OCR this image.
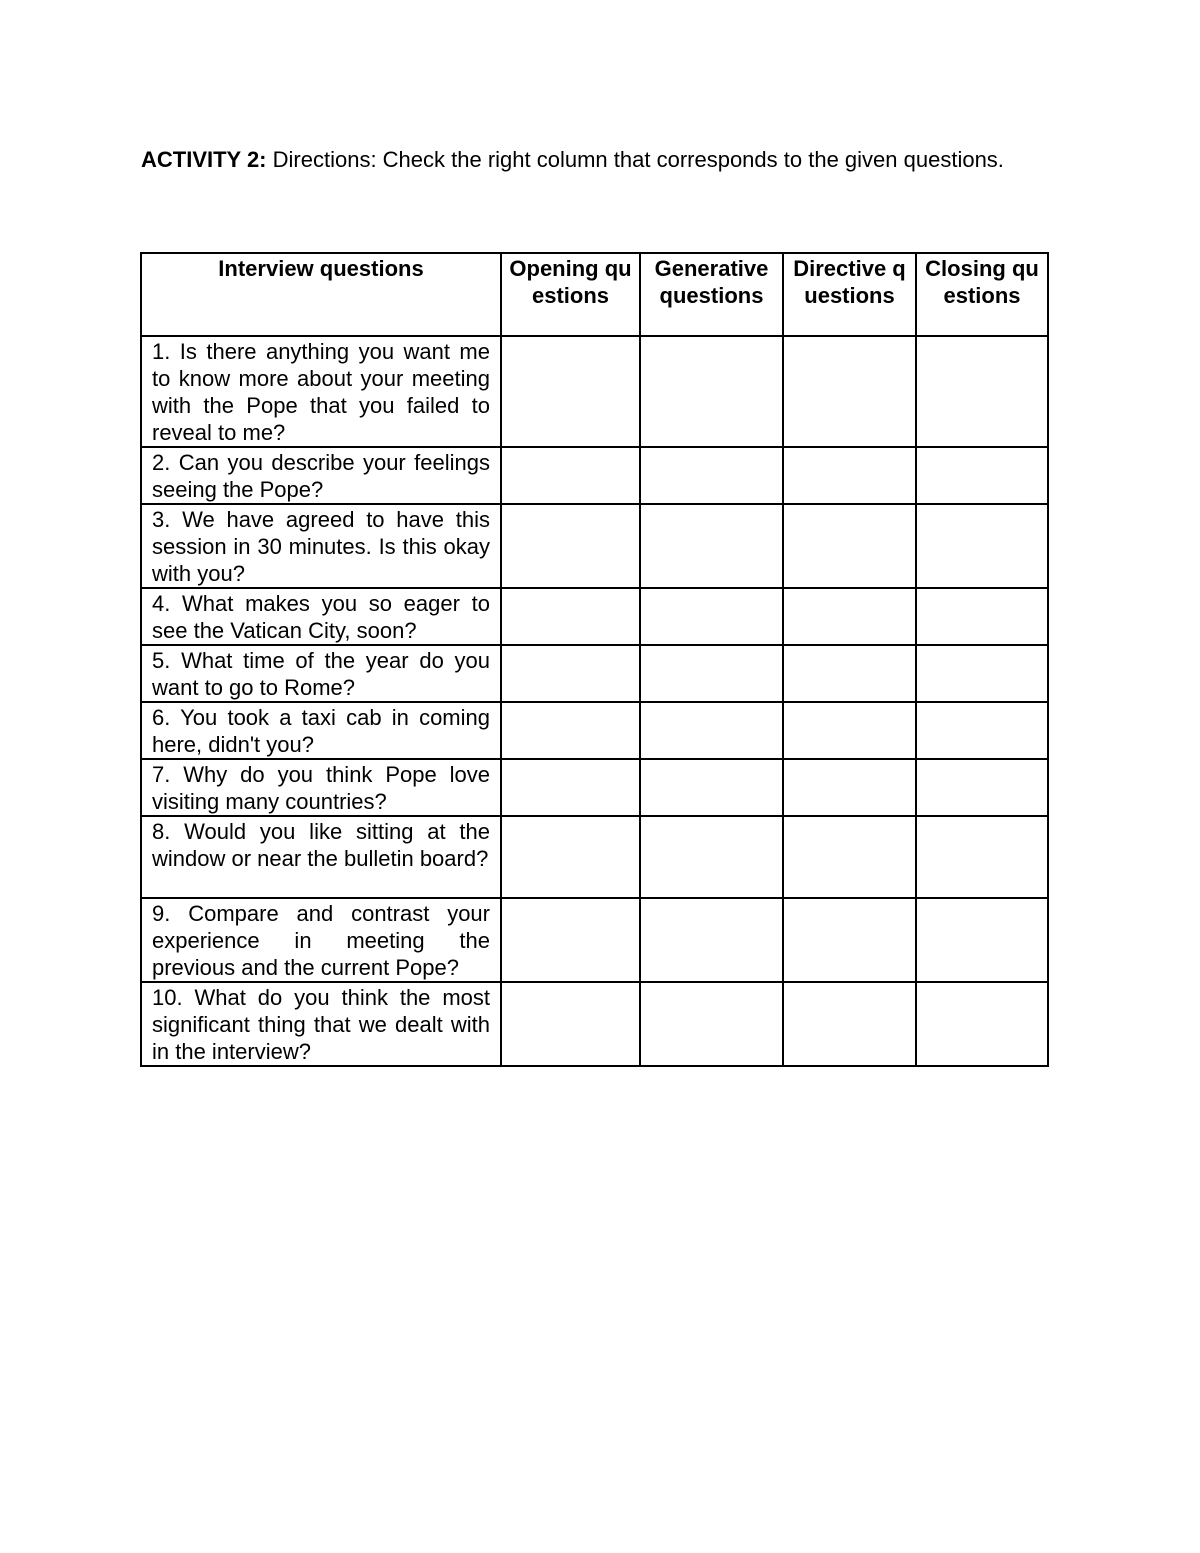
ACTIVITY 2: Directions: Check the right column that corresponds to the given questions.
Interview questions	Opening questions	Generative questions	Directive questions	Closing questions
1. Is there anything you want me to know more about your meeting with the Pope that you failed to reveal to me?				
2. Can you describe your feelings seeing the Pope?				
3. We have agreed to have this session in 30 minutes. Is this okay with you?				
4. What makes you so eager to see the Vatican City, soon?				
5. What time of the year do you want to go to Rome?				
6. You took a taxi cab in coming here, didn't you?				
7. Why do you think Pope love visiting many countries?				
8. Would you like sitting at the window or near the bulletin board?				
9. Compare and contrast your experience in meeting the previous and the current Pope?				
10. What do you think the most significant thing that we dealt with in the interview?				
